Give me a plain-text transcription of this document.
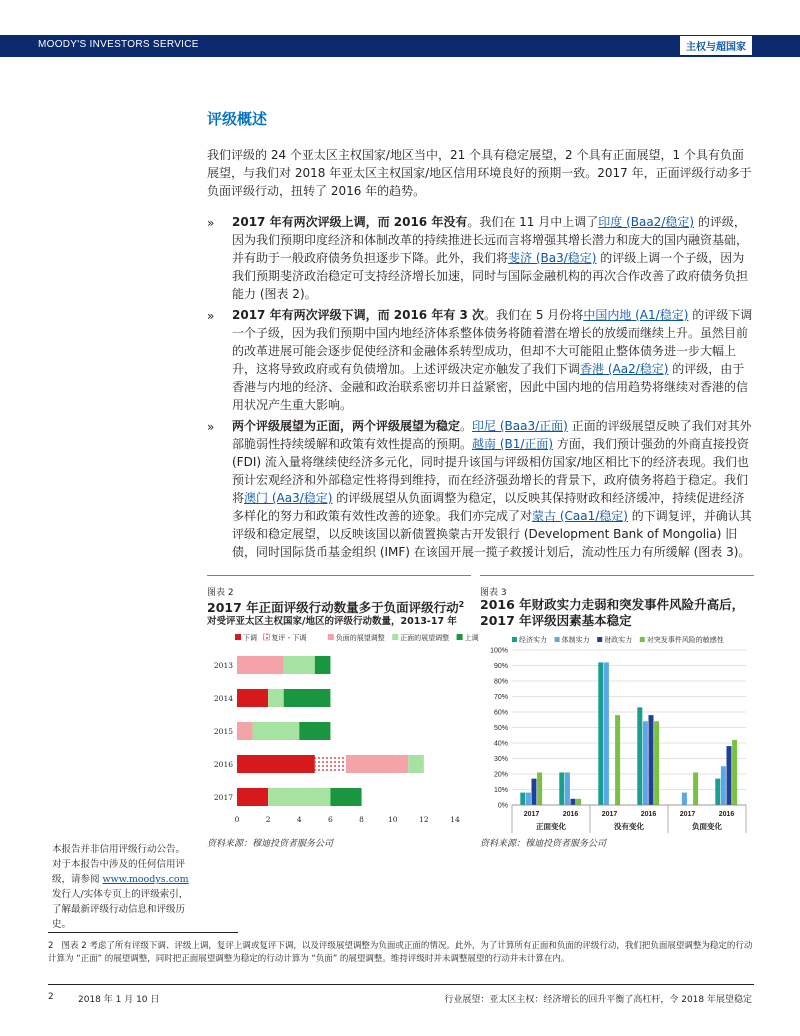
MOODY'S INVESTORS SERVICE	主权与超国家
评级概述
我们评级的 24 个亚太区主权国家/地区当中，21 个具有稳定展望，2 个具有正面展望，1 个具有负面展望，与我们对 2018 年亚太区主权国家/地区信用环境良好的预期一致。2017 年，正面评级行动多于负面评级行动，扭转了 2016 年的趋势。
» 2017 年有两次评级上调，而 2016 年没有。我们在 11 月中上调了印度 (Baa2/稳定) 的评级，因为我们预期印度经济和体制改革的持续推进长远而言将增强其增长潜力和庞大的国内融资基础，并有助于一般政府债务负担逐步下降。此外，我们将斐济 (Ba3/稳定) 的评级上调一个子级，因为我们预期斐济政治稳定可支持经济增长加速，同时与国际金融机构的再次合作改善了政府债务负担能力 (图表 2)。
» 2017 年有两次评级下调，而 2016 年有 3 次。我们在 5 月份将中国内地 (A1/稳定) 的评级下调一个子级，因为我们预期中国内地经济体系整体债务将随着潜在增长的放缓而继续上升。虽然目前的改革进展可能会逐步促使经济和金融体系转型成功，但却不大可能阻止整体债务进一步大幅上升，这将导致政府或有负债增加。上述评级决定亦触发了我们下调香港 (Aa2/稳定) 的评级，由于香港与内地的经济、金融和政治联系密切并日益紧密，因此中国内地的信用趋势将继续对香港的信用状况产生重大影响。
» 两个评级展望为正面，两个评级展望为稳定。印尼 (Baa3/正面) 正面的评级展望反映了我们对其外部脆弱性持续缓解和政策有效性提高的预期。越南 (B1/正面) 方面，我们预计强劲的外商直接投资 (FDI) 流入量将继续使经济多元化，同时提升该国与评级相仿国家/地区相比下的经济表现。我们也预计宏观经济和外部稳定性将得到维持，而在经济强劲增长的背景下，政府债务将趋于稳定。我们将澳门 (Aa3/稳定) 的评级展望从负面调整为稳定，以反映其保持财政和经济缓冲，持续促进经济多样化的努力和政策有效性改善的迹象。我们亦完成了对蒙古 (Caa1/稳定) 的下调复评，并确认其评级和稳定展望，以反映该国以新债置换蒙古开发银行 (Development Bank of Mongolia) 旧债，同时国际货币基金组织 (IMF) 在该国开展一揽子救援计划后，流动性压力有所缓解 (图表 3)。
图表 2
2017 年正面评级行动数量多于负面评级行动$^2$
对受评亚太区主权国家/地区的评级行动数量，2013-17 年
图表 3
2016 年财政实力走弱和突发事件风险升高后，2017 年评级因素基本稳定
下调 复评 - 下调	负面的展望调整 正面的展望调整 上调
2013
2014
2015
2016
2017
0	2	4	6	8	10	12	14
经济实力 体制实力 财政实力 对突发事件风险的敏感性
0%
10%
20%
30%
40%
50%
60%
70%
80%
90%
100%
2017	2016	2017	2016	2017	2016
正面变化	没有变化	负面变化
资料来源：穆迪投资者服务公司	资料来源：穆迪投资者服务公司
本报告并非信用评级行动公告。对于本报告中涉及的任何信用评级，请参阅 www.moodys.com 发行人/实体专页上的评级索引，了解最新评级行动信息和评级历史。
2 图表 2 考虑了所有评级下调、评级上调，复评上调或复评下调，以及评级展望调整为负面或正面的情况。此外，为了计算所有正面和负面的评级行动，我们把负面展望调整为稳定的行动计算为 “正面” 的展望调整，同时把正面展望调整为稳定的行动计算为 “负面” 的展望调整。维持评级时并未调整展望的行动并未计算在内。
2	2018 年 1 月 10 日	行业展望：亚太区主权：经济增长的回升平衡了高杠杆，令 2018 年展望稳定
